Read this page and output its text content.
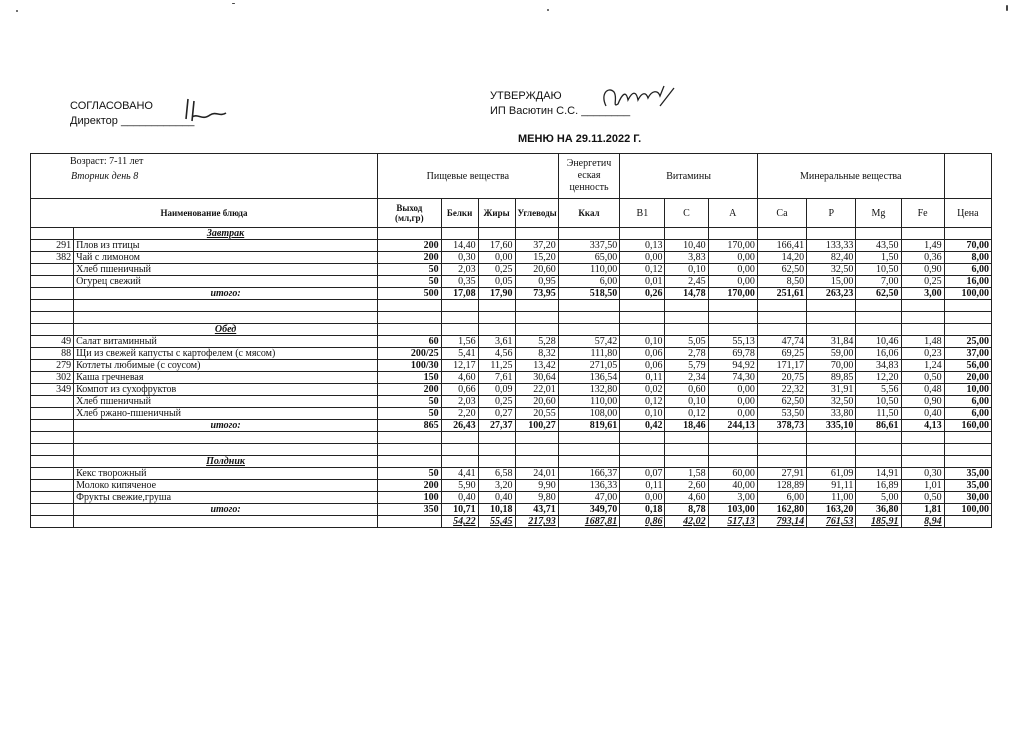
СОГЛАСОВАНО
Директор ____________
УТВЕРЖДАЮ
ИП Васютин С.С. ________
МЕНЮ НА 29.11.2022 Г.
Возраст: 7-11 лет
Вторник день 8		Пищевые вещества				Энергетич
еская
ценность	Витамины			Минеральные вещества				

Наименование блюда		Выход
(мл,гр)	Белки	Жиры	Углеводы	Ккал	B1	C	A	Ca	P	Mg	Fe	Цена
	Завтрак													
291	Плов из птицы	200	14,40	17,60	37,20	337,50	0,13	10,40	170,00	166,41	133,33	43,50	1,49	70,00
382	Чай с лимоном	200	0,30	0,00	15,20	65,00	0,00	3,83	0,00	14,20	82,40	1,50	0,36	8,00
	Хлеб пшеничный	50	2,03	0,25	20,60	110,00	0,12	0,10	0,00	62,50	32,50	10,50	0,90	6,00
	Огурец свежий	50	0,35	0,05	0,95	6,00	0,01	2,45	0,00	8,50	15,00	7,00	0,25	16,00
	итого:	500	17,08	17,90	73,95	518,50	0,26	14,78	170,00	251,61	263,23	62,50	3,00	100,00

	Обед													
49	Салат витаминный	60	1,56	3,61	5,28	57,42	0,10	5,05	55,13	47,74	31,84	10,46	1,48	25,00
88	Щи из свежей капусты с картофелем (с мясом)	200/25	5,41	4,56	8,32	111,80	0,06	2,78	69,78	69,25	59,00	16,06	0,23	37,00
279	Котлеты любимые (с соусом)	100/30	12,17	11,25	13,42	271,05	0,06	5,79	94,92	171,17	70,00	34,83	1,24	56,00
302	Каша гречневая	150	4,60	7,61	30,64	136,54	0,11	2,34	74,30	20,75	89,85	12,20	0,50	20,00
349	Компот из сухофруктов	200	0,66	0,09	22,01	132,80	0,02	0,60	0,00	22,32	31,91	5,56	0,48	10,00
	Хлеб пшеничный	50	2,03	0,25	20,60	110,00	0,12	0,10	0,00	62,50	32,50	10,50	0,90	6,00
	Хлеб ржано-пшеничный	50	2,20	0,27	20,55	108,00	0,10	0,12	0,00	53,50	33,80	11,50	0,40	6,00
	итого:	865	26,43	27,37	100,27	819,61	0,42	18,46	244,13	378,73	335,10	86,61	4,13	160,00

	Полдник													
	Кекс творожный	50	4,41	6,58	24,01	166,37	0,07	1,58	60,00	27,91	61,09	14,91	0,30	35,00
	Молоко кипяченое	200	5,90	3,20	9,90	136,33	0,11	2,60	40,00	128,89	91,11	16,89	1,01	35,00
	Фрукты свежие,груша	100	0,40	0,40	9,80	47,00	0,00	4,60	3,00	6,00	11,00	5,00	0,50	30,00
	итого:	350	10,71	10,18	43,71	349,70	0,18	8,78	103,00	162,80	163,20	36,80	1,81	100,00
			54,22	55,45	217,93	1687,81	0,86	42,02	517,13	793,14	761,53	185,91	8,94	
